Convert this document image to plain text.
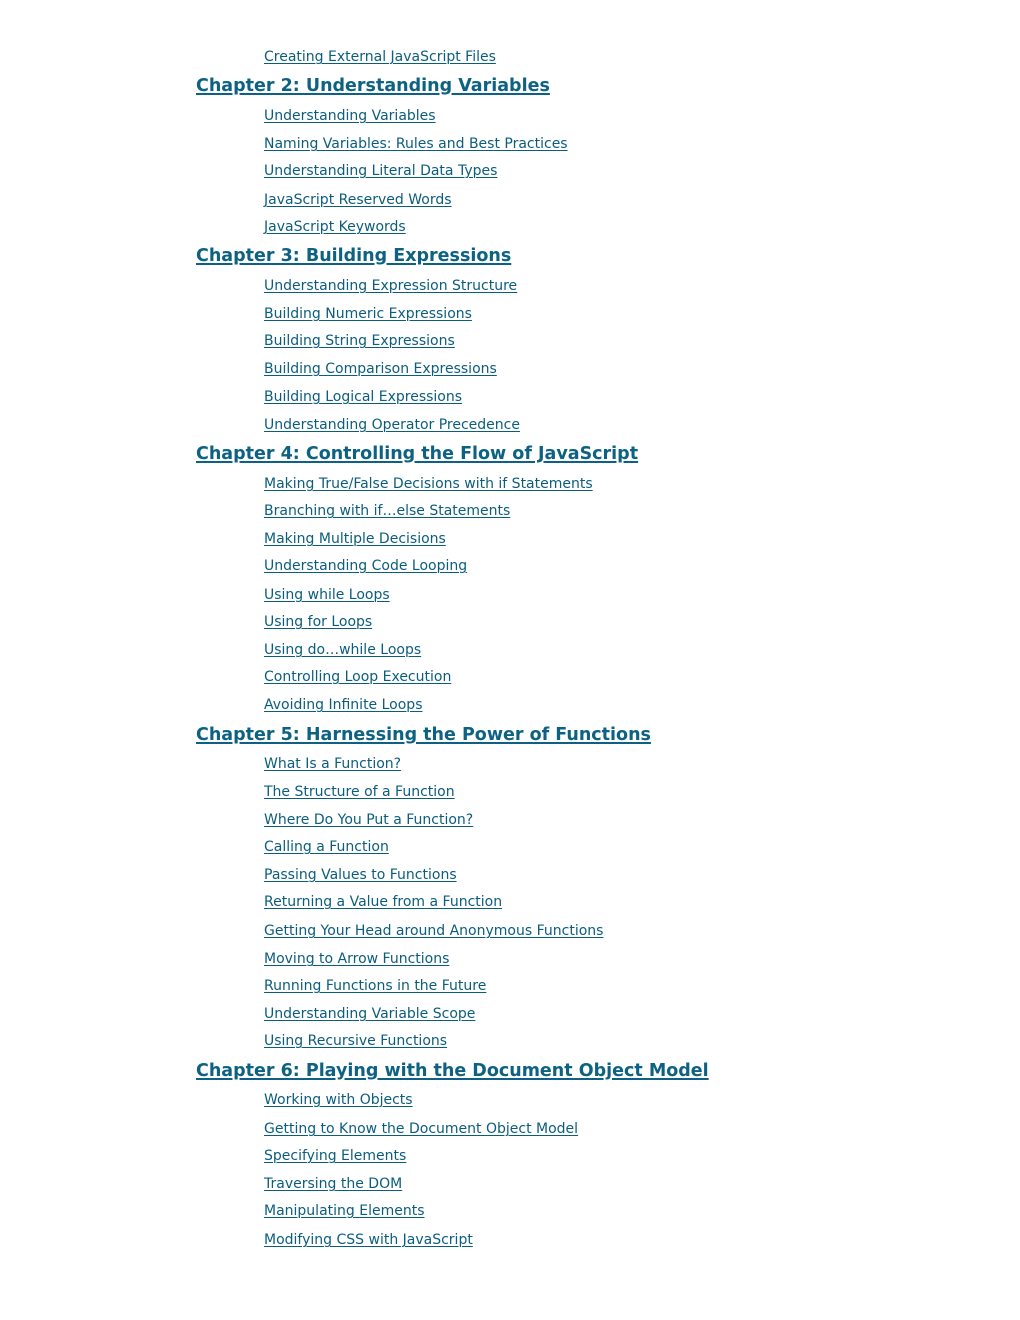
Creating External JavaScript Files
Chapter 2: Understanding Variables
Understanding Variables
Naming Variables: Rules and Best Practices
Understanding Literal Data Types
JavaScript Reserved Words
JavaScript Keywords
Chapter 3: Building Expressions
Understanding Expression Structure
Building Numeric Expressions
Building String Expressions
Building Comparison Expressions
Building Logical Expressions
Understanding Operator Precedence
Chapter 4: Controlling the Flow of JavaScript
Making True/False Decisions with if Statements
Branching with if…else Statements
Making Multiple Decisions
Understanding Code Looping
Using while Loops
Using for Loops
Using do…while Loops
Controlling Loop Execution
Avoiding Infinite Loops
Chapter 5: Harnessing the Power of Functions
What Is a Function?
The Structure of a Function
Where Do You Put a Function?
Calling a Function
Passing Values to Functions
Returning a Value from a Function
Getting Your Head around Anonymous Functions
Moving to Arrow Functions
Running Functions in the Future
Understanding Variable Scope
Using Recursive Functions
Chapter 6: Playing with the Document Object Model
Working with Objects
Getting to Know the Document Object Model
Specifying Elements
Traversing the DOM
Manipulating Elements
Modifying CSS with JavaScript
